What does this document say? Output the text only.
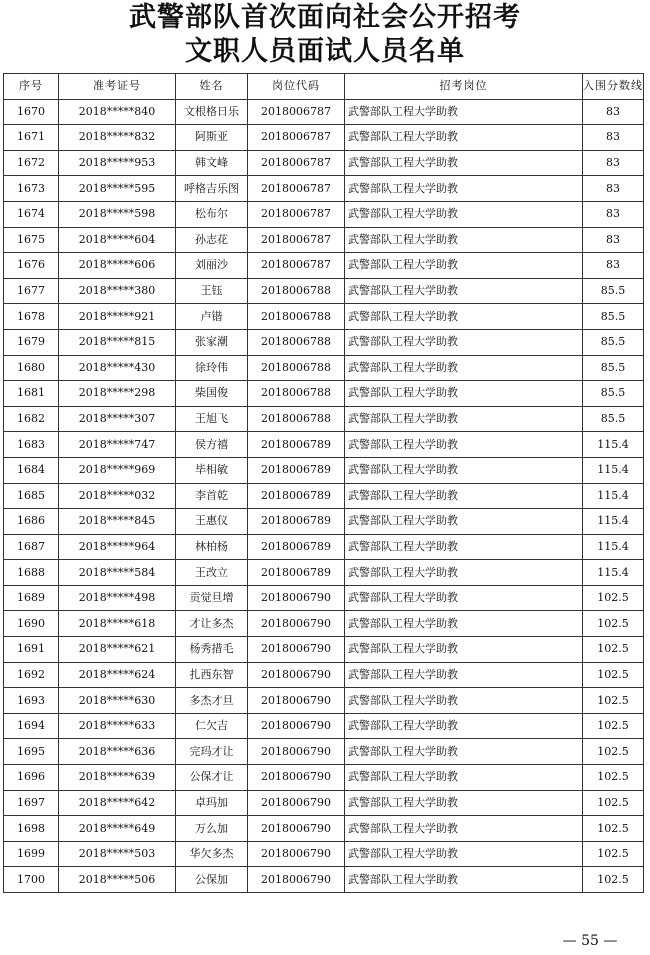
武警部队首次面向社会公开招考
文职人员面试人员名单
序号	准考证号	姓名	岗位代码	招考岗位	入围分数线
1670	2018*****840	文根格日乐	2018006787	武警部队工程大学助教	83
1671	2018*****832	阿斯亚	2018006787	武警部队工程大学助教	83
1672	2018*****953	韩文峰	2018006787	武警部队工程大学助教	83
1673	2018*****595	呼格吉乐图	2018006787	武警部队工程大学助教	83
1674	2018*****598	松布尔	2018006787	武警部队工程大学助教	83
1675	2018*****604	孙志花	2018006787	武警部队工程大学助教	83
1676	2018*****606	刘丽沙	2018006787	武警部队工程大学助教	83
1677	2018*****380	王钰	2018006788	武警部队工程大学助教	85.5
1678	2018*****921	卢锴	2018006788	武警部队工程大学助教	85.5
1679	2018*****815	张家潮	2018006788	武警部队工程大学助教	85.5
1680	2018*****430	徐玲伟	2018006788	武警部队工程大学助教	85.5
1681	2018*****298	柴国俊	2018006788	武警部队工程大学助教	85.5
1682	2018*****307	王旭飞	2018006788	武警部队工程大学助教	85.5
1683	2018*****747	侯方禧	2018006789	武警部队工程大学助教	115.4
1684	2018*****969	毕相敏	2018006789	武警部队工程大学助教	115.4
1685	2018*****032	李首乾	2018006789	武警部队工程大学助教	115.4
1686	2018*****845	王惠仪	2018006789	武警部队工程大学助教	115.4
1687	2018*****964	林柏杨	2018006789	武警部队工程大学助教	115.4
1688	2018*****584	王改立	2018006789	武警部队工程大学助教	115.4
1689	2018*****498	贡觉旦增	2018006790	武警部队工程大学助教	102.5
1690	2018*****618	才让多杰	2018006790	武警部队工程大学助教	102.5
1691	2018*****621	杨秀措毛	2018006790	武警部队工程大学助教	102.5
1692	2018*****624	扎西东智	2018006790	武警部队工程大学助教	102.5
1693	2018*****630	多杰才旦	2018006790	武警部队工程大学助教	102.5
1694	2018*****633	仁欠吉	2018006790	武警部队工程大学助教	102.5
1695	2018*****636	完玛才让	2018006790	武警部队工程大学助教	102.5
1696	2018*****639	公保才让	2018006790	武警部队工程大学助教	102.5
1697	2018*****642	卓玛加	2018006790	武警部队工程大学助教	102.5
1698	2018*****649	万么加	2018006790	武警部队工程大学助教	102.5
1699	2018*****503	华欠多杰	2018006790	武警部队工程大学助教	102.5
1700	2018*****506	公保加	2018006790	武警部队工程大学助教	102.5
— 55 —
